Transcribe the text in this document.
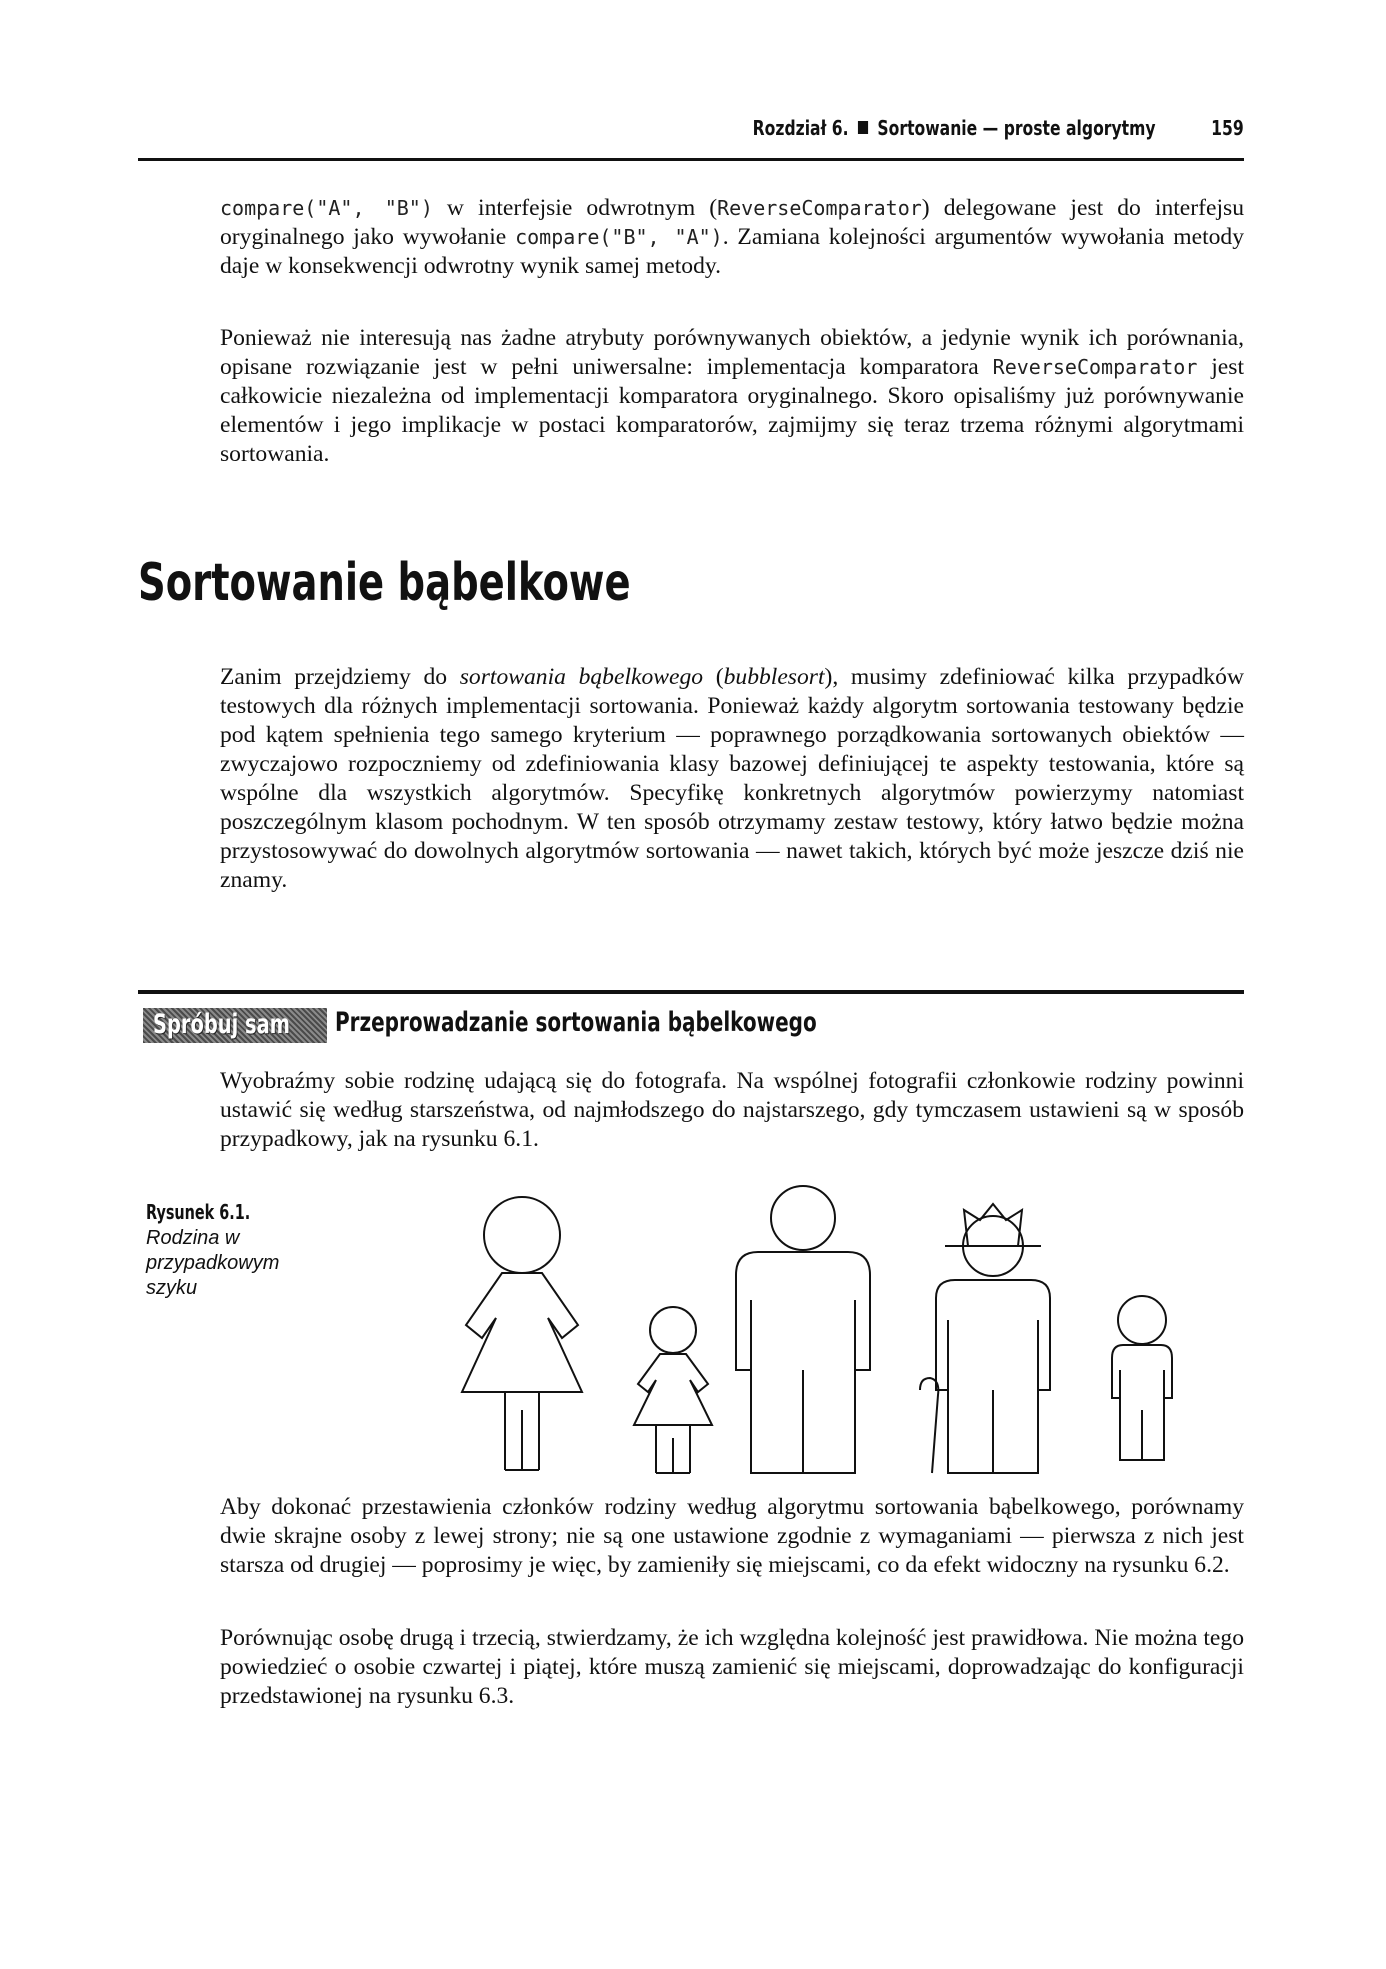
Rozdział 6. Sortowanie — proste algorytmy	159

compare("A", "B") w interfejsie odwrotnym (ReverseComparator) delegowane jest do interfejsu oryginalnego jako wywołanie compare("B", "A"). Zamiana kolejności argumentów wywołania metody daje w konsekwencji odwrotny wynik samej metody.

Ponieważ nie interesują nas żadne atrybuty porównywanych obiektów, a jedynie wynik ich porównania, opisane rozwiązanie jest w pełni uniwersalne: implementacja komparatora ReverseComparator jest całkowicie niezależna od implementacji komparatora oryginalnego. Skoro opisaliśmy już porównywanie elementów i jego implikacje w postaci komparatorów, zajmijmy się teraz trzema różnymi algorytmami sortowania.

Sortowanie bąbelkowe

Zanim przejdziemy do sortowania bąbelkowego (bubblesort), musimy zdefiniować kilka przypadków testowych dla różnych implementacji sortowania. Ponieważ każdy algorytm sortowania testowany będzie pod kątem spełnienia tego samego kryterium — poprawnego porządkowania sortowanych obiektów — zwyczajowo rozpoczniemy od zdefiniowania klasy bazowej definiującej te aspekty testowania, które są wspólne dla wszystkich algorytmów. Specyfikę konkretnych algorytmów powierzymy natomiast poszczególnym klasom pochodnym. W ten sposób otrzymamy zestaw testowy, który łatwo będzie można przystosowywać do dowolnych algorytmów sortowania — nawet takich, których być może jeszcze dziś nie znamy.

Spróbuj sam Przeprowadzanie sortowania bąbelkowego

Wyobraźmy sobie rodzinę udającą się do fotografa. Na wspólnej fotografii członkowie rodziny powinni ustawić się według starszeństwa, od najmłodszego do najstarszego, gdy tymczasem ustawieni są w sposób przypadkowy, jak na rysunku 6.1.

Rysunek 6.1.
Rodzina w przypadkowym szyku

Aby dokonać przestawienia członków rodziny według algorytmu sortowania bąbelkowego, porównamy dwie skrajne osoby z lewej strony; nie są one ustawione zgodnie z wymaganiami — pierwsza z nich jest starsza od drugiej — poprosimy je więc, by zamieniły się miejscami, co da efekt widoczny na rysunku 6.2.

Porównując osobę drugą i trzecią, stwierdzamy, że ich względna kolejność jest prawidłowa. Nie można tego powiedzieć o osobie czwartej i piątej, które muszą zamienić się miejscami, doprowadzając do konfiguracji przedstawionej na rysunku 6.3.
